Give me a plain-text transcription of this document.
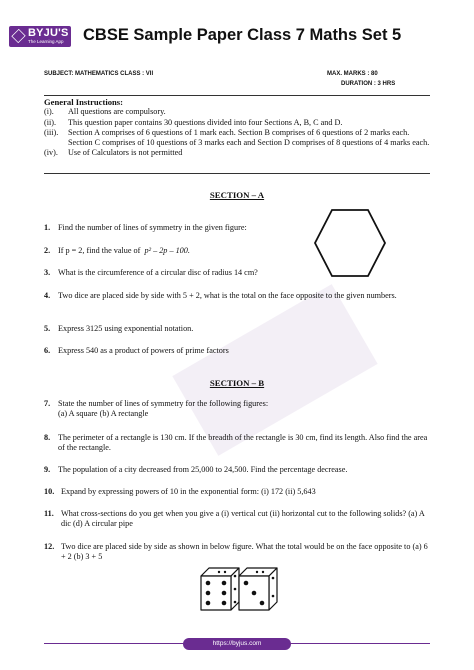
BYJU'S
The Learning App CBSE Sample Paper Class 7 Maths Set 5
SUBJECT: MATHEMATICS CLASS : VII	MAX. MARKS : 80
DURATION : 3 HRS
General Instructions:
(i).	All questions are compulsory.
(ii).	This question paper contains 30 questions divided into four Sections A, B, C and D.
(iii).	Section A comprises of 6 questions of 1 mark each. Section B comprises of 6 questions of 2 marks each. Section C comprises of 10 questions of 3 marks each and Section D comprises of 8 questions of 4 marks each.
(iv).	Use of Calculators is not permitted
SECTION – A
1. Find the number of lines of symmetry in the given figure:
2. If p = 2, find the value of p² – 2p – 100.
3. What is the circumference of a circular disc of radius 14 cm?
4. Two dice are placed side by side with 5 + 2, what is the total on the face opposite to the given numbers.
5. Express 3125 using exponential notation.
6. Express 540 as a product of powers of prime factors
SECTION – B
7. State the number of lines of symmetry for the following figures:
(a) A square (b) A rectangle
8. The perimeter of a rectangle is 130 cm. If the breadth of the rectangle is 30 cm, find its length. Also find the area of the rectangle.
9. The population of a city decreased from 25,000 to 24,500. Find the percentage decrease.
10. Expand by expressing powers of 10 in the exponential form: (i) 172 (ii) 5,643
11. What cross-sections do you get when you give a (i) vertical cut (ii) horizontal cut to the following solids? (a) A dic (d) A circular pipe
12. Two dice are placed side by side as shown in below figure. What the total would be on the face opposite to (a) 6 + 2 (b) 3 + 5
https://byjus.com
